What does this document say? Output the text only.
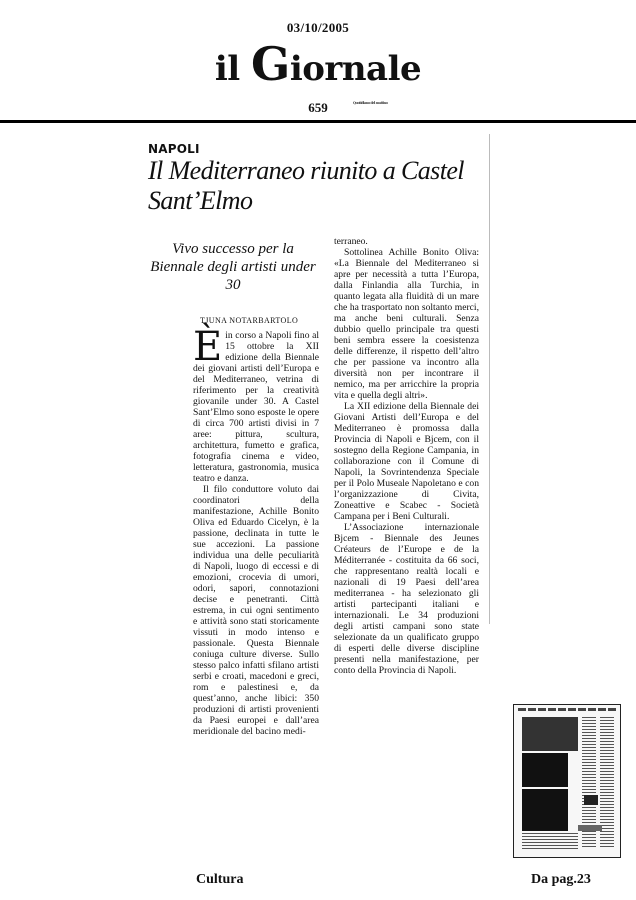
03/10/2005
il Giornale
Quotidiano del mattino
659
NAPOLI
Il Mediterraneo riunito a Castel Sant’Elmo
Vivo successo per la Biennale degli artisti under 30
TJUNA NOTARBARTOLO
È in corso a Napoli fino al 15 ottobre la XII edizione della Biennale dei giovani artisti dell’Europa e del Mediterraneo, vetrina di riferimento per la creatività giovanile under 30. A Castel Sant’Elmo sono esposte le opere di circa 700 artisti divisi in 7 aree: pittura, scultura, architettura, fumetto e grafica, fotografia cinema e video, letteratura, gastronomia, musica teatro e danza.

Il filo conduttore voluto dai coordinatori della manifestazione, Achille Bonito Oliva ed Eduardo Cicelyn, è la passione, declinata in tutte le sue accezioni. La passione individua una delle peculiarità di Napoli, luogo di eccessi e di emozioni, crocevia di umori, odori, sapori, connotazioni decise e penetranti. Città estrema, in cui ogni sentimento e attività sono stati storicamente vissuti in modo intenso e passionale. Questa Biennale coniuga culture diverse. Sullo stesso palco infatti sfilano artisti serbi e croati, macedoni e greci, rom e palestinesi e, da quest’anno, anche libici: 350 produzioni di artisti provenienti da Paesi europei e dall’area meridionale del bacino medi-

terraneo.

Sottolinea Achille Bonito Oliva: «La Biennale del Mediterraneo si apre per necessità a tutta l’Europa, dalla Finlandia alla Turchia, in quanto legata alla fluidità di un mare che ha trasportato non soltanto merci, ma anche beni culturali. Senza dubbio quello principale tra questi beni sembra essere la coesistenza delle differenze, il rispetto dell’altro che per passione va incontro alla diversità non per incontrare il nemico, ma per arricchire la propria vita e quella degli altri».

La XII edizione della Biennale dei Giovani Artisti dell’Europa e del Mediterraneo è promossa dalla Provincia di Napoli e Bjcem, con il sostegno della Regione Campania, in collaborazione con il Comune di Napoli, la Sovrintendenza Speciale per il Polo Museale Napoletano e con l’organizzazione di Civita, Zoneattive e Scabec - Società Campana per i Beni Culturali.

L’Associazione internazionale Bjcem - Biennale des Jeunes Créateurs de l’Europe e de la Méditerranée - costituita da 66 soci, che rappresentano realtà locali e nazionali di 19 Paesi dell’area mediterranea - ha selezionato gli artisti partecipanti italiani e internazionali. Le 34 produzioni degli artisti campani sono state selezionate da un qualificato gruppo di esperti delle diverse discipline presenti nella manifestazione, per conto della Provincia di Napoli.

Cultura	Da pag.23
